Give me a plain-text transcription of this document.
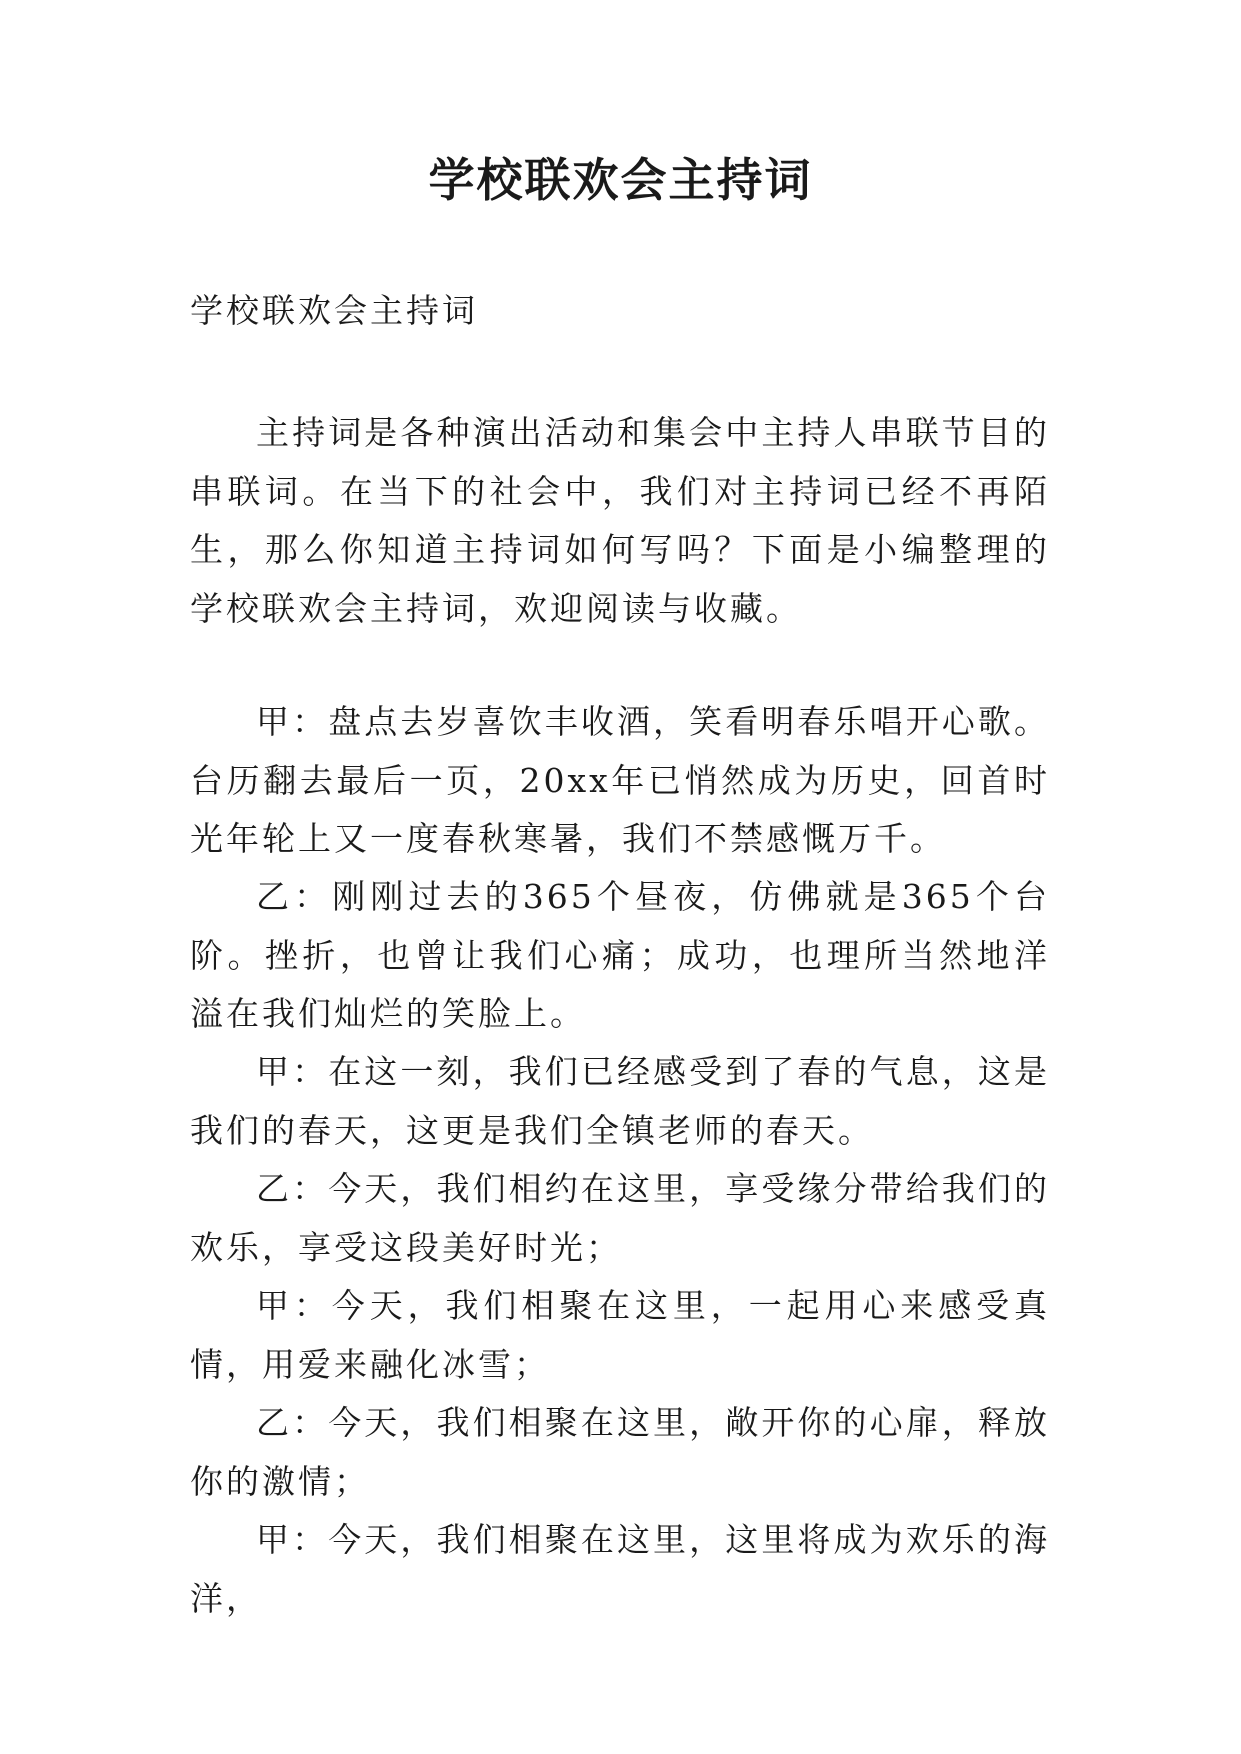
学校联欢会主持词

学校联欢会主持词

主持词是各种演出活动和集会中主持人串联节目的串联词。在当下的社会中，我们对主持词已经不再陌生，那么你知道主持词如何写吗？下面是小编整理的学校联欢会主持词，欢迎阅读与收藏。

甲：盘点去岁喜饮丰收酒，笑看明春乐唱开心歌。台历翻去最后一页，20xx年已悄然成为历史，回首时光年轮上又一度春秋寒暑，我们不禁感慨万千。

乙：刚刚过去的365个昼夜，仿佛就是365个台阶。挫折，也曾让我们心痛；成功，也理所当然地洋溢在我们灿烂的笑脸上。

甲：在这一刻，我们已经感受到了春的气息，这是我们的春天，这更是我们全镇老师的春天。

乙：今天，我们相约在这里，享受缘分带给我们的欢乐，享受这段美好时光；

甲：今天，我们相聚在这里，一起用心来感受真情，用爱来融化冰雪；

乙：今天，我们相聚在这里，敞开你的心扉，释放你的激情；

甲：今天，我们相聚在这里，这里将成为欢乐的海洋，
